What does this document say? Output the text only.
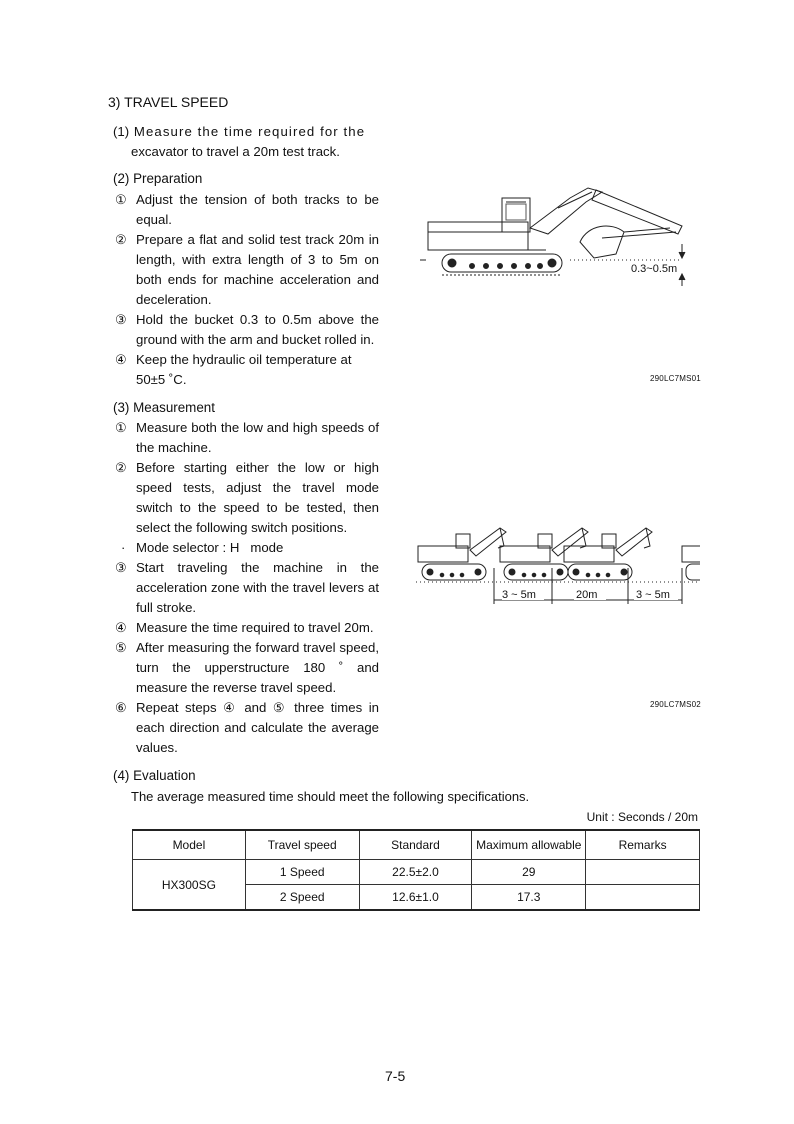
3) TRAVEL SPEED
(1) Measure the time required for the
excavator to travel a 20m test track.
(2) Preparation
① Adjust the tension of both tracks to be equal.
② Prepare a flat and solid test track 20m in length, with extra length of 3 to 5m on both ends for machine acceleration and deceleration.
③ Hold the bucket 0.3 to 0.5m above the ground with the arm and bucket rolled in.
④ Keep the hydraulic oil temperature at
50±5 ˚C.
0.3~0.5m
290LC7MS01
(3) Measurement
① Measure both the low and high speeds of the machine.
② Before starting either the low or high speed tests, adjust the travel mode switch to the speed to be tested, then select the following switch positions.
· Mode selector : H   mode
③ Start traveling the machine in the acceleration zone with the travel levers at full stroke.
④ Measure the time required to travel 20m.
⑤ After measuring the forward travel speed, turn the upperstructure 180 ˚ and measure the reverse travel speed.
⑥ Repeat steps ④ and ⑤ three times in each direction and calculate the average values.
3 ~ 5m	20m	3 ~ 5m
290LC7MS02
(4) Evaluation
The average measured time should meet the following specifications.
Unit : Seconds / 20m
Model	Travel speed	Standard	Maximum allowable	Remarks
HX300SG	1 Speed	22.5±2.0	29	
	2 Speed	12.6±1.0	17.3	
7-5
